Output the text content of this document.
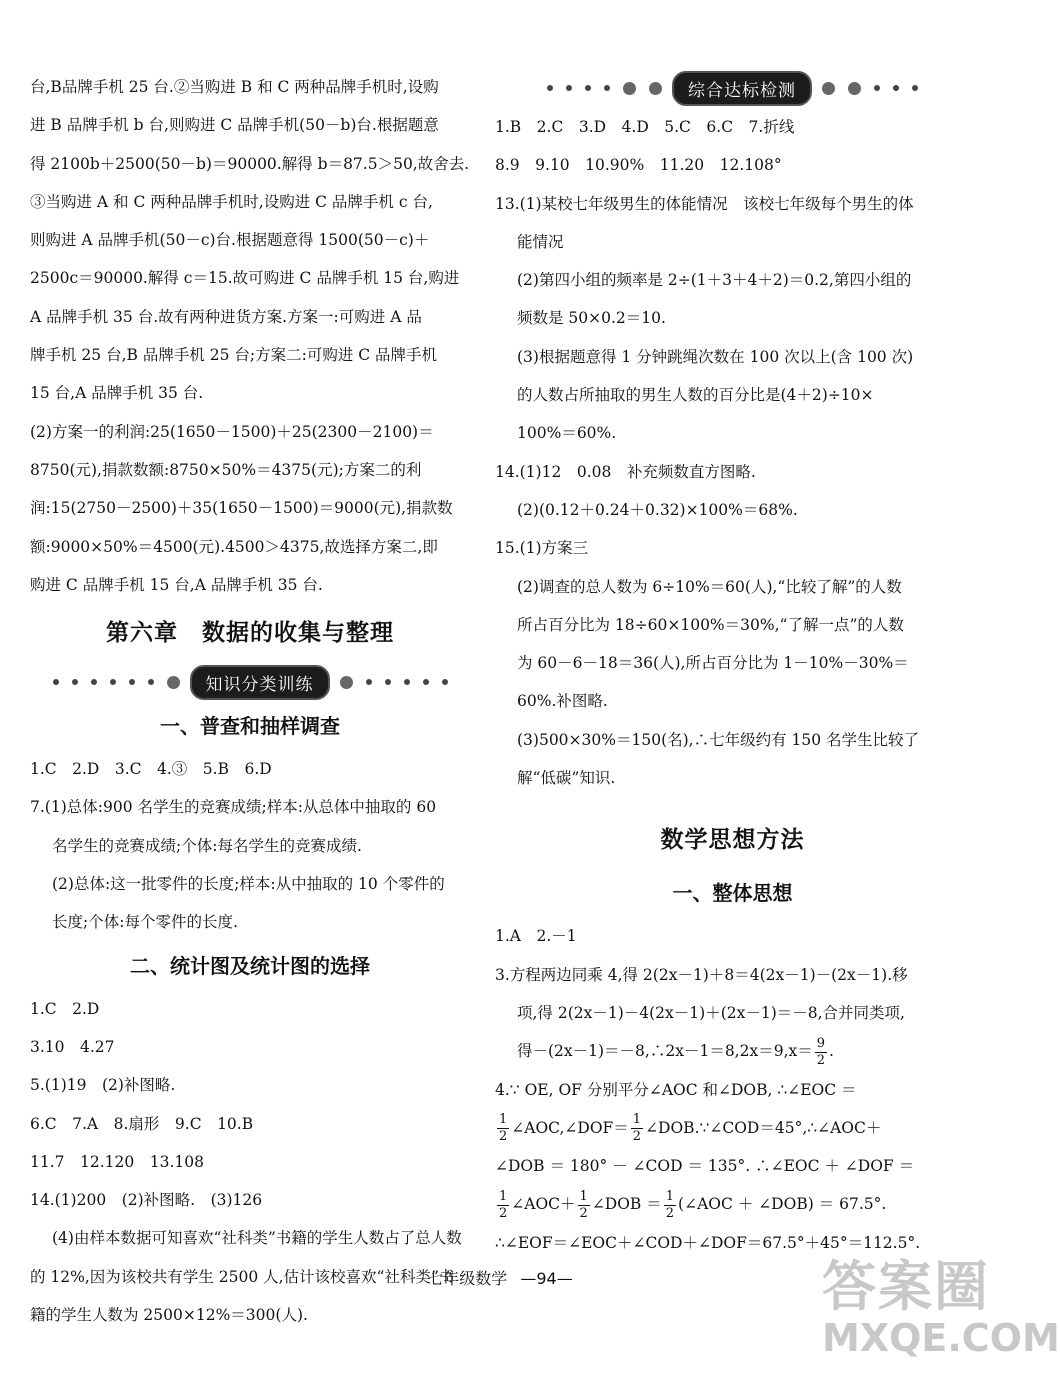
台,B品牌手机 25 台.②当购进 B 和 C 两种品牌手机时,设购
进 B 品牌手机 b 台,则购进 C 品牌手机(50－b)台.根据题意
得 2100b＋2500(50－b)＝90000.解得 b＝87.5＞50,故舍去.
③当购进 A 和 C 两种品牌手机时,设购进 C 品牌手机 c 台,
则购进 A 品牌手机(50－c)台.根据题意得 1500(50－c)＋
2500c＝90000.解得 c＝15.故可购进 C 品牌手机 15 台,购进
A 品牌手机 35 台.故有两种进货方案.方案一:可购进 A 品
牌手机 25 台,B 品牌手机 25 台;方案二:可购进 C 品牌手机
15 台,A 品牌手机 35 台.
(2)方案一的利润:25(1650－1500)＋25(2300－2100)＝
8750(元),捐款数额:8750×50%＝4375(元);方案二的利
润:15(2750－2500)＋35(1650－1500)＝9000(元),捐款数
额:9000×50%＝4500(元).4500＞4375,故选择方案二,即
购进 C 品牌手机 15 台,A 品牌手机 35 台.
第六章　数据的收集与整理
知识分类训练
一、普查和抽样调查
1.C　2.D　3.C　4.③　5.B　6.D
7.(1)总体:900 名学生的竞赛成绩;样本:从总体中抽取的 60
名学生的竞赛成绩;个体:每名学生的竞赛成绩.
(2)总体:这一批零件的长度;样本:从中抽取的 10 个零件的
长度;个体:每个零件的长度.
二、统计图及统计图的选择
1.C　2.D
3.10　4.27
5.(1)19　(2)补图略.
6.C　7.A　8.扇形　9.C　10.B
11.7　12.120　13.108
14.(1)200　(2)补图略.　(3)126
(4)由样本数据可知喜欢“社科类”书籍的学生人数占了总人数
的 12%,因为该校共有学生 2500 人,估计该校喜欢“社科类”书
籍的学生人数为 2500×12%＝300(人).
综合达标检测
1.B　2.C　3.D　4.D　5.C　6.C　7.折线
8.9　9.10　10.90%　11.20　12.108°
13.(1)某校七年级男生的体能情况　该校七年级每个男生的体
能情况
(2)第四小组的频率是 2÷(1＋3＋4＋2)＝0.2,第四小组的
频数是 50×0.2＝10.
(3)根据题意得 1 分钟跳绳次数在 100 次以上(含 100 次)
的人数占所抽取的男生人数的百分比是(4＋2)÷10×
100%＝60%.
14.(1)12　0.08　补充频数直方图略.
(2)(0.12＋0.24＋0.32)×100%＝68%.
15.(1)方案三
(2)调查的总人数为 6÷10%＝60(人),“比较了解”的人数
所占百分比为 18÷60×100%＝30%,“了解一点”的人数
为 60－6－18＝36(人),所占百分比为 1－10%－30%＝
60%.补图略.
(3)500×30%＝150(名),∴七年级约有 150 名学生比较了
解“低碳”知识.
数学思想方法
一、整体思想
1.A　2.－1
3.方程两边同乘 4,得 2(2x－1)＋8＝4(2x－1)－(2x－1).移
项,得 2(2x－1)－4(2x－1)＋(2x－1)＝－8,合并同类项,
得－(2x－1)＝－8,∴2x－1＝8,2x＝9,x＝ $\frac{9}{2}$ .
4.∵ OE, OF 分别平分∠AOC 和∠DOB, ∴∠EOC ＝
$\frac{1}{2}$ ∠AOC,∠DOF＝ $\frac{1}{2}$ ∠DOB.∵∠COD＝45°,∴∠AOC＋
∠DOB ＝ 180° － ∠COD ＝ 135°. ∴∠EOC ＋ ∠DOF ＝
$\frac{1}{2}$ ∠AOC＋ $\frac{1}{2}$ ∠DOB ＝ $\frac{1}{2}$ (∠AOC ＋ ∠DOB) ＝ 67.5°.
∴∠EOF＝∠EOC＋∠COD＋∠DOF＝67.5°＋45°＝112.5°.
七年级数学 —94—	答案圈
MXQE.COM
